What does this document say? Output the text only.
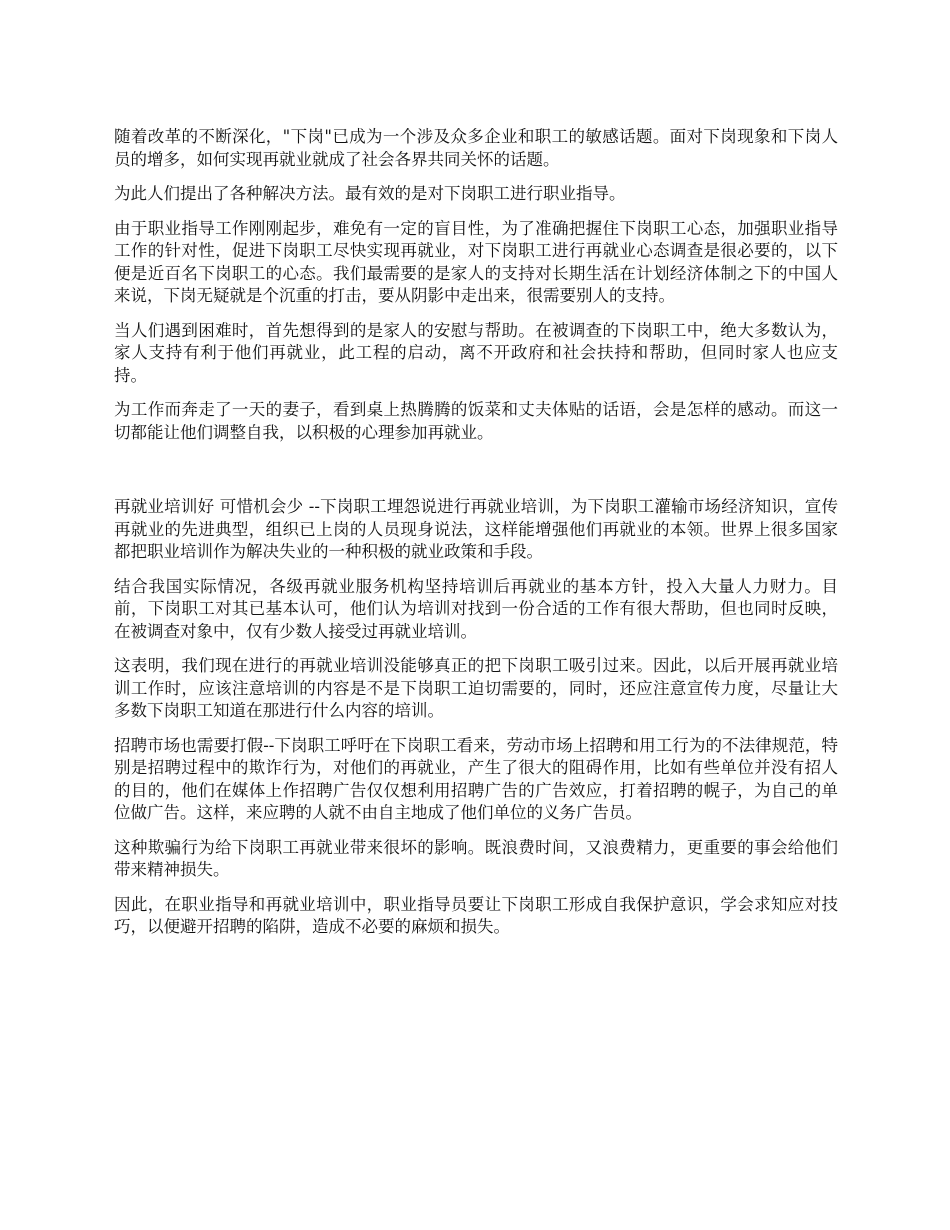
随着改革的不断深化，"下岗"已成为一个涉及众多企业和职工的敏感话题。面对下岗现象和下岗人员的增多，如何实现再就业就成了社会各界共同关怀的话题。

为此人们提出了各种解决方法。最有效的是对下岗职工进行职业指导。

由于职业指导工作刚刚起步，难免有一定的盲目性，为了准确把握住下岗职工心态，加强职业指导工作的针对性，促进下岗职工尽快实现再就业，对下岗职工进行再就业心态调查是很必要的，以下便是近百名下岗职工的心态。我们最需要的是家人的支持对长期生活在计划经济体制之下的中国人来说，下岗无疑就是个沉重的打击，要从阴影中走出来，很需要别人的支持。

当人们遇到困难时，首先想得到的是家人的安慰与帮助。在被调查的下岗职工中，绝大多数认为，家人支持有利于他们再就业，此工程的启动，离不开政府和社会扶持和帮助，但同时家人也应支持。

为工作而奔走了一天的妻子，看到桌上热腾腾的饭菜和丈夫体贴的话语，会是怎样的感动。而这一切都能让他们调整自我，以积极的心理参加再就业。

再就业培训好 可惜机会少 --下岗职工埋怨说进行再就业培训，为下岗职工灌输市场经济知识，宣传再就业的先进典型，组织已上岗的人员现身说法，这样能增强他们再就业的本领。世界上很多国家都把职业培训作为解决失业的一种积极的就业政策和手段。

结合我国实际情况，各级再就业服务机构坚持培训后再就业的基本方针，投入大量人力财力。目前，下岗职工对其已基本认可，他们认为培训对找到一份合适的工作有很大帮助，但也同时反映，在被调查对象中，仅有少数人接受过再就业培训。

这表明，我们现在进行的再就业培训没能够真正的把下岗职工吸引过来。因此，以后开展再就业培训工作时，应该注意培训的内容是不是下岗职工迫切需要的，同时，还应注意宣传力度，尽量让大多数下岗职工知道在那进行什么内容的培训。

招聘市场也需要打假--下岗职工呼吁在下岗职工看来，劳动市场上招聘和用工行为的不法律规范，特别是招聘过程中的欺诈行为，对他们的再就业，产生了很大的阻碍作用，比如有些单位并没有招人的目的，他们在媒体上作招聘广告仅仅想利用招聘广告的广告效应，打着招聘的幌子，为自己的单位做广告。这样，来应聘的人就不由自主地成了他们单位的义务广告员。

这种欺骗行为给下岗职工再就业带来很坏的影响。既浪费时间，又浪费精力，更重要的事会给他们带来精神损失。

因此，在职业指导和再就业培训中，职业指导员要让下岗职工形成自我保护意识，学会求知应对技巧，以便避开招聘的陷阱，造成不必要的麻烦和损失。
